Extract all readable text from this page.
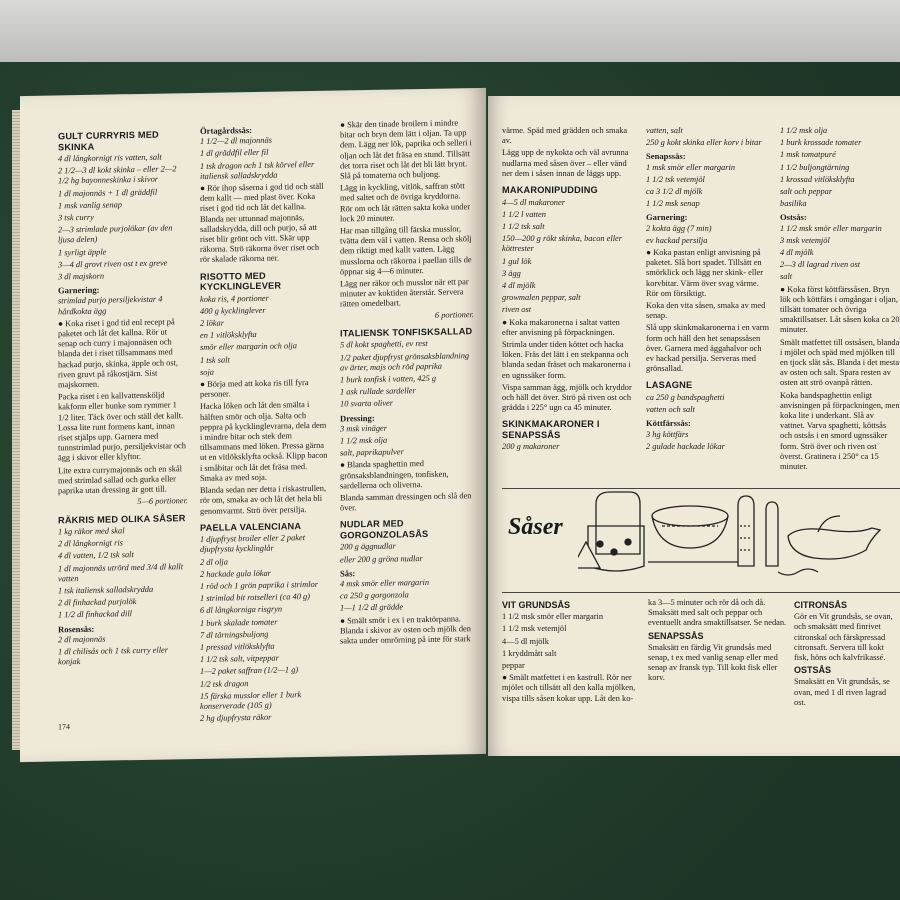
GULT CURRYRIS MED SKINKA

4 dl långkornigt ris vatten, salt

2 1/2—3 dl kokt skinka – eller 2—2 1/2 hg bayonneskinka i skivor

1 dl majonnäs + 1 dl gräddfil

1 msk vanlig senap

3 tsk curry

2—3 strimlade purjolökar (av den ljusa delen)

1 syrligt äpple

3—4 dl grovt riven ost t ex greve

3 dl majskorn

Garnering:

strimlad purjo persiljekvistar 4 hårdkokta ägg

● Koka riset i god tid enl recept på paketet och låt det kallna. Rör ut senap och curry i majonnäsen och blanda det i riset tillsammans med hackad purjo, skinka, äpple och ost, riven gruvt på råkostjärn. Sist majskornen.

Packa riset i en kallvattensköljd kakform eller bunke som rymmer 1 1/2 liter. Täck över och ställ det kallt. Lossa lite runt formens kant, innan riset stjälps upp. Garnera med tunnstrimlad purjo, persiljekvistar och ägg i skivor eller klyftor.

Lite extra currymajonnäs och en skål med strimlad sallad och gurka eller paprika utan dressing är gott till.

5—6 portioner.

RÄKRIS MED OLIKA SÅSER

1 kg räkor med skal

2 dl långkornigt ris

4 dl vatten, 1/2 tsk salt

1 dl majonnäs utrörd med 3/4 dl kallt vatten

1 tsk italiensk salladskrydda

2 dl finhackad purjolök

1 1/2 dl finhackad dill

Rosensås:

2 dl majonnäs

1 dl chilisås och 1 tsk curry eller konjak

Örtagårdssås:

1 1/2—2 dl majonnäs

1 dl gräddfil eller fil

1 tsk dragon och 1 tsk körvel eller italiensk salladskrydda

● Rör ihop såserna i god tid och ställ dem kallt — med plast över. Koka riset i god tid och låt det kallna. Blanda ner uttunnad majonnäs, salladskrydda, dill och purjo, så att riset blir grönt och vitt. Skär upp räkorna. Strö räkorna över riset och rör skalade räkorna ner.

RISOTTO MED KYCKLINGLEVER

koka ris, 4 portioner

400 g kycklinglever

2 lökar

en 1 vitlöksklyfta

smör eller margarin och olja

1 tsk salt

soja

● Börja med att koka ris till fyra personer.

Hacka löken och låt den smälta i hälften smör och olja. Salta och peppra på kycklinglevrarna, dela dem i mindre bitar och stek dem tillsammans med löken. Pressa gärna ut en vitlöksklyfta också. Klipp bacon i småbitar och låt det fräsa med. Smaka av med soja.

Blanda sedan ner detta i riskastrullen, rör om, smaka av och låt det hela bli genomvarmt. Strö över persilja.

PAELLA VALENCIANA

1 djupfryst broiler eller 2 paket djupfrysta kycklinglår

2 dl olja

2 hackade gula lökar

1 röd och 1 grön paprika i strimlor

1 strimlad bit rotselleri (ca 40 g)

6 dl långkorniga risgryn

1 burk skalade tomater

7 dl tärningsbuljong

1 pressad vitlöksklyfta

1 1/2 tsk salt, vitpeppar

1—2 paket saffran (1/2—1 g)

1/2 tsk dragon

15 färska musslor eller 1 burk konserverade (105 g)

2 hg djupfrysta räkor

● Skär den tinade broilern i mindre bitar och bryn dem lätt i oljan. Ta upp dem. Lägg ner lök, paprika och selleri i oljan och låt det fräsa en stund. Tillsätt det torra riset och låt det bli lätt brynt. Slå på tomaterna och buljong.

Lägg in kyckling, vitlök, saffran stött med saltet och de övriga kryddorna. Rör om och låt rätten sakta koka under lock 20 minuter.

Har man tillgång till färska musslor, tvätta dem väl i vatten. Rensa och skölj dem riktigt med kallt vatten. Lägg musslorna och räkorna i paellan tills de öppnar sig 4—6 minuter.

Lägg ner räkor och musslor när ett par minuter av koktiden återstår. Servera rätten omedelbart.

6 portioner.

ITALIENSK TONFISKSALLAD

5 dl kokt spaghetti, ev rest

1/2 paket djupfryst grönsaksblandning av ärter, majs och röd paprika

1 burk tonfisk i vatten, 425 g

1 ask rullade sardeller

10 svarta oliver

Dressing:

3 msk vinäger

1 1/2 msk olja

salt, paprikapulver

● Blanda spaghettin med grönsaksblandningen, tonfisken, sardellerna och oliverna.

Blanda samman dressingen och slå den över.

NUDLAR MED GORGONZOLASÅS

200 g äggnudlar

eller 200 g gröna nudlar

Sås:

4 msk smör eller margarin

ca 250 g gorgonzola

1—1 1/2 dl grädde

● Smält smör i ex i en traktörpanna. Blanda i skivor av osten och mjölk den sakta under omrörning på inte för stark

174

värme. Späd med grädden och smaka av.

Lägg upp de nykokta och väl avrunna nudlarna med såsen över – eller vänd ner dem i såsen innan de läggs upp.

MAKARONIPUDDING

4—5 dl makaroner

1 1/2 l vatten

1 1/2 tsk salt

150—200 g rökt skinka, bacon eller köttrester

1 gul lök

3 ägg

4 dl mjölk

growmalen peppar, salt

riven ost

● Koka makaronerna i saltat vatten efter anvisning på förpackningen.

Strimla under tiden köttet och hacka löken. Fräs det lätt i en stekpanna och blanda sedan fräset och makaronerna i en ugnssäker form.

Vispa samman ägg, mjölk och kryddor och häll det över. Strö på riven ost och grädda i 225° ugn ca 45 minuter.

SKINKMAKARONER I SENAPSSÅS

200 g makaroner

vatten, salt

250 g kokt skinka eller korv i bitar

Senapssås:

1 msk smör eller margarin

1 1/2 tsk vetemjöl

ca 3 1/2 dl mjölk

1 1/2 msk senap

Garnering:

2 kokta ägg (7 min)

ev hackad persilja

● Koka pastan enligt anvisning på paketet. Slå bort spadet. Tillsätt en smörklick och lägg ner skink- eller korvbitar. Värm över svag värme. Rör om försiktigt.

Koka den vita såsen, smaka av med senap.

Slå upp skinkmakaronerna i en varm form och häll den het senapssåsen över. Garnera med äggahalvor och ev hackad persilja. Serveras med grönsallad.

LASAGNE

ca 250 g bandspaghetti

vatten och salt

Köttfärssås:

3 hg köttfärs

2 gulade hackade lökar

1 1/2 msk olja

1 burk krossade tomater

1 msk tomatpuré

1 1/2 buljongtärning

1 krossad vitlöksklyfta

salt och peppar

basilika

Ostsås:

1 1/2 msk smör eller margarin

3 msk vetemjöl

4 dl mjölk

2—3 dl lagrad riven ost

salt

● Koka först köttfärssåsen. Bryn lök och köttfärs i omgångar i oljan, tillsätt tomater och övriga smaktillsatser. Låt såsen koka ca 20 minuter.

Smält matfettet till ostsåsen, blanda i mjölet och späd med mjölken till en tjock slät sås. Blanda i det mesta av osten och salt. Spara resten av osten att strö ovanpå rätten.

Koka bandspaghettin enligt anvisningen på förpackningen, men koka lite i underkant. Slå av vattnet. Varva spaghetti, köttsås och ostsås i en smord ugnssäker form. Strö över och riven ost överst. Gratinera i 250° ca 15 minuter.

Såser
VIT GRUNDSÅS

1 1/2 msk smör eller margarin

1 1/2 msk vetemjöl

4—5 dl mjölk

1 kryddmått salt

peppar

● Smält matfettet i en kastrull. Rör ner mjölet och tillsätt all den kalla mjölken, vispa tills såsen kokar upp. Låt den ko-

ka 3—5 minuter och rör då och då. Smaksätt med salt och peppar och eventuellt andra smaktillsatser. Se nedan.

SENAPSSÅS

Smaksätt en färdig Vit grundsås med senap, t ex med vanlig senap eller med senap av fransk typ. Till kokt fisk eller korv.

CITRONSÅS

Gör en Vit grundsås, se ovan, och smaksätt med finrivet citronskal och färskpressad citronsaft. Servera till kokt fisk, höns och kalvfrikassé.

OSTSÅS

Smaksätt en Vit grundsås, se ovan, med 1 dl riven lagrad ost.
